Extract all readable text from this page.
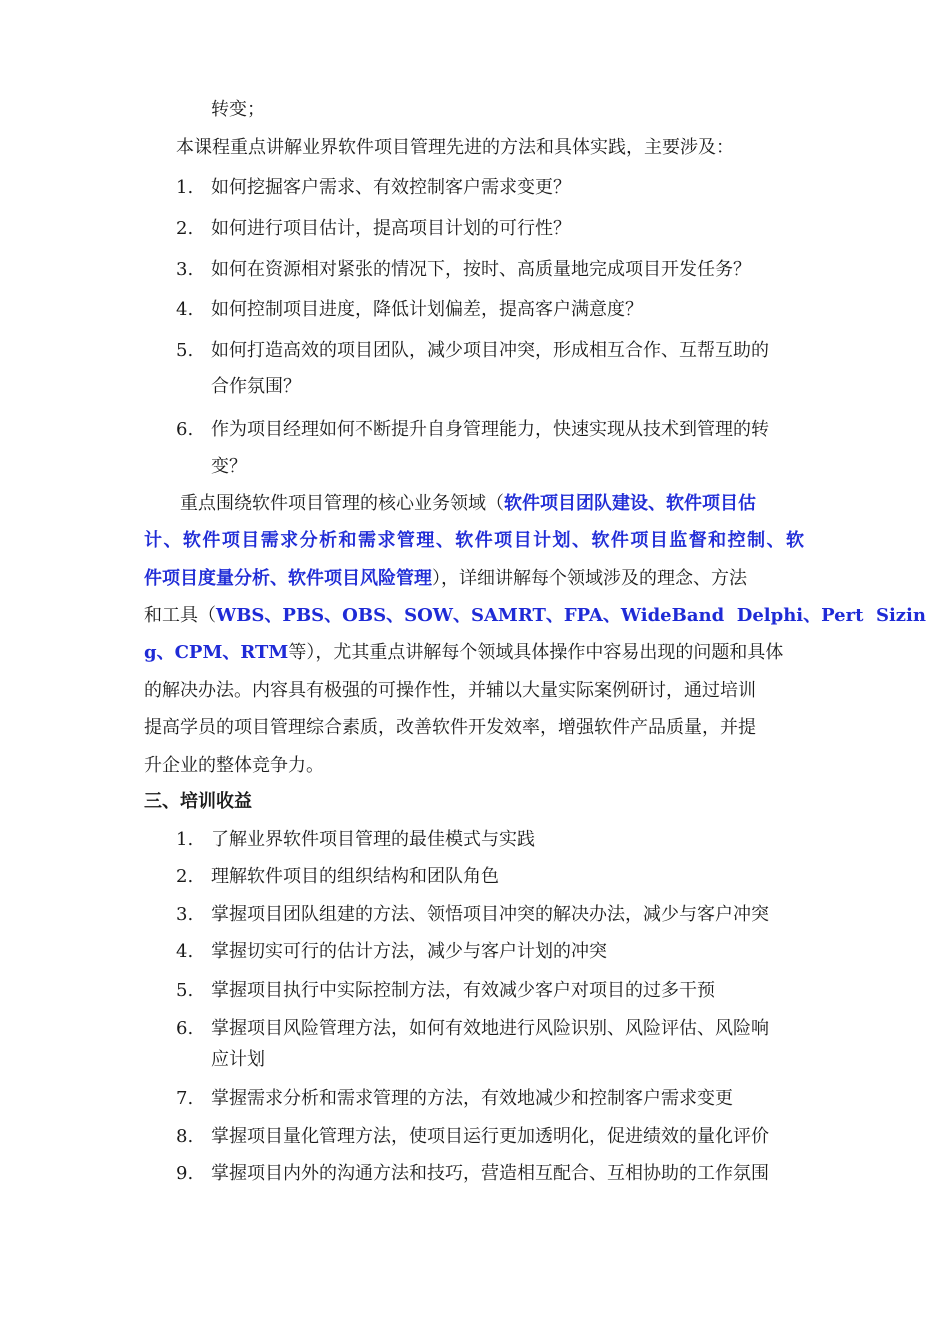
转变；
本课程重点讲解业界软件项目管理先进的方法和具体实践，主要涉及：
1. 如何挖掘客户需求、有效控制客户需求变更？
2. 如何进行项目估计，提高项目计划的可行性？
3. 如何在资源相对紧张的情况下，按时、高质量地完成项目开发任务？
4. 如何控制项目进度，降低计划偏差，提高客户满意度？
5. 如何打造高效的项目团队，减少项目冲突，形成相互合作、互帮互助的
合作氛围？
6. 作为项目经理如何不断提升自身管理能力，快速实现从技术到管理的转
变？
重点围绕软件项目管理的核心业务领域（软件项目团队建设、软件项目估
计、软件项目需求分析和需求管理、软件项目计划、软件项目监督和控制、软
件项目度量分析、软件项目风险管理），详细讲解每个领域涉及的理念、方法
和工具（WBS、PBS、OBS、SOW、SAMRT、FPA、WideBand  Delphi、Pert  Sizin
g、CPM、RTM等），尤其重点讲解每个领域具体操作中容易出现的问题和具体
的解决办法。内容具有极强的可操作性，并辅以大量实际案例研讨，通过培训
提高学员的项目管理综合素质，改善软件开发效率，增强软件产品质量，并提
升企业的整体竞争力。
三、培训收益
1. 了解业界软件项目管理的最佳模式与实践
2. 理解软件项目的组织结构和团队角色
3. 掌握项目团队组建的方法、领悟项目冲突的解决办法，减少与客户冲突
4. 掌握切实可行的估计方法，减少与客户计划的冲突
5. 掌握项目执行中实际控制方法，有效减少客户对项目的过多干预
6. 掌握项目风险管理方法，如何有效地进行风险识别、风险评估、风险响
应计划
7. 掌握需求分析和需求管理的方法，有效地减少和控制客户需求变更
8. 掌握项目量化管理方法，使项目运行更加透明化，促进绩效的量化评价
9. 掌握项目内外的沟通方法和技巧，营造相互配合、互相协助的工作氛围
